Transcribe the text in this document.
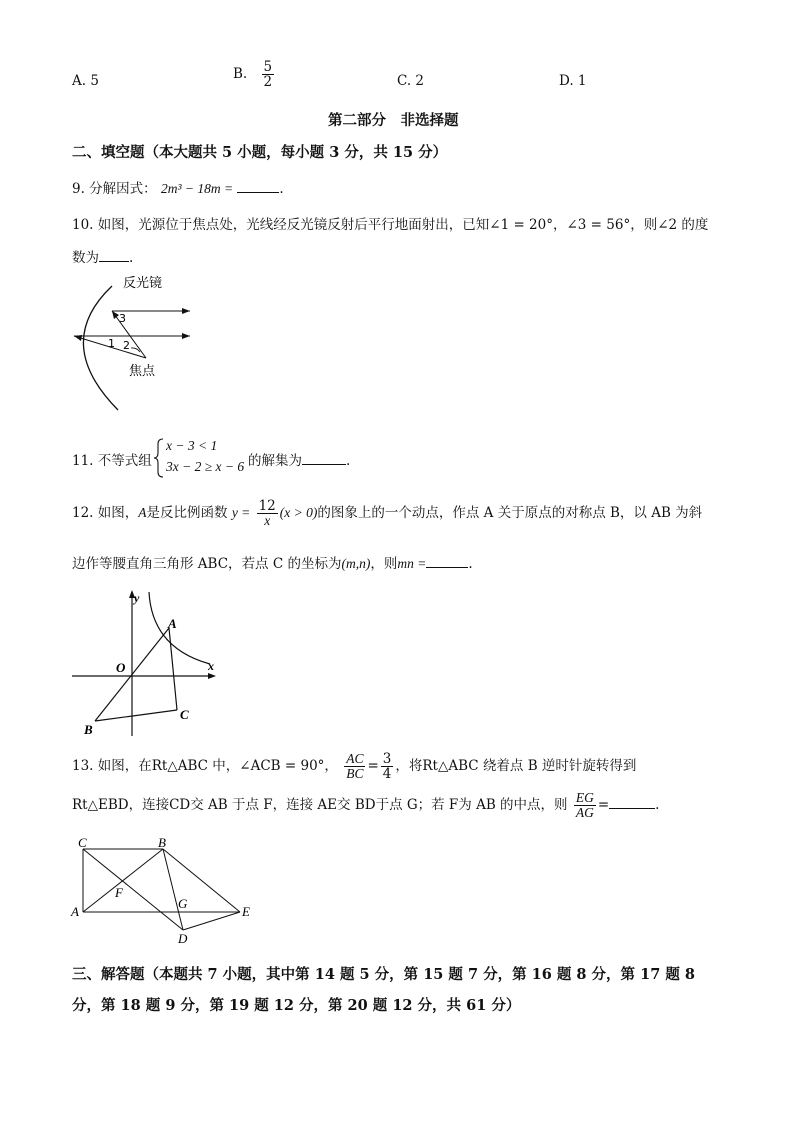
A. 5	B. $\frac{5}{2}$	C. 2	D. 1
第二部分　非选择题
二、填空题（本大题共 5 小题，每小题 3 分，共 15 分）
9. 分解因式： 2m³ − 18m =	.
10. 如图，光源位于焦点处，光线经反光镜反射后平行地面射出，已知∠1 = 20°，∠3 = 56°，则∠2 的度
数为 .
反光镜
3
1 2
焦点
11. 不等式组
x − 3 < 1
3x − 2 ≥ x − 6 的解集为	.
12. 如图，A是反比例函数 $y = \frac{12}{x} (x > 0)$的图象上的一个动点，作点 A 关于原点的对称点 B，以 AB 为斜
边作等腰直角三角形 ABC，若点 C 的坐标为(m,n)，则mn =	.
y
x
O
A
B
C
13. 如图，在Rt△ABC 中，∠ACB = 90°， $\frac{AC}{BC} = \frac{3}{4}$ ，将Rt△ABC 绕着点 B 逆时针旋转得到
Rt△EBD，连接CD交 AB 于点 F，连接 AE交 BD于点 G；若 F为 AB 的中点，则 $\frac{EG}{AG}$ =	.
C	B
A
F
G
E
D
三、解答题（本题共 7 小题，其中第 14 题 5 分，第 15 题 7 分，第 16 题 8 分，第 17 题 8
分，第 18 题 9 分，第 19 题 12 分，第 20 题 12 分，共 61 分）
